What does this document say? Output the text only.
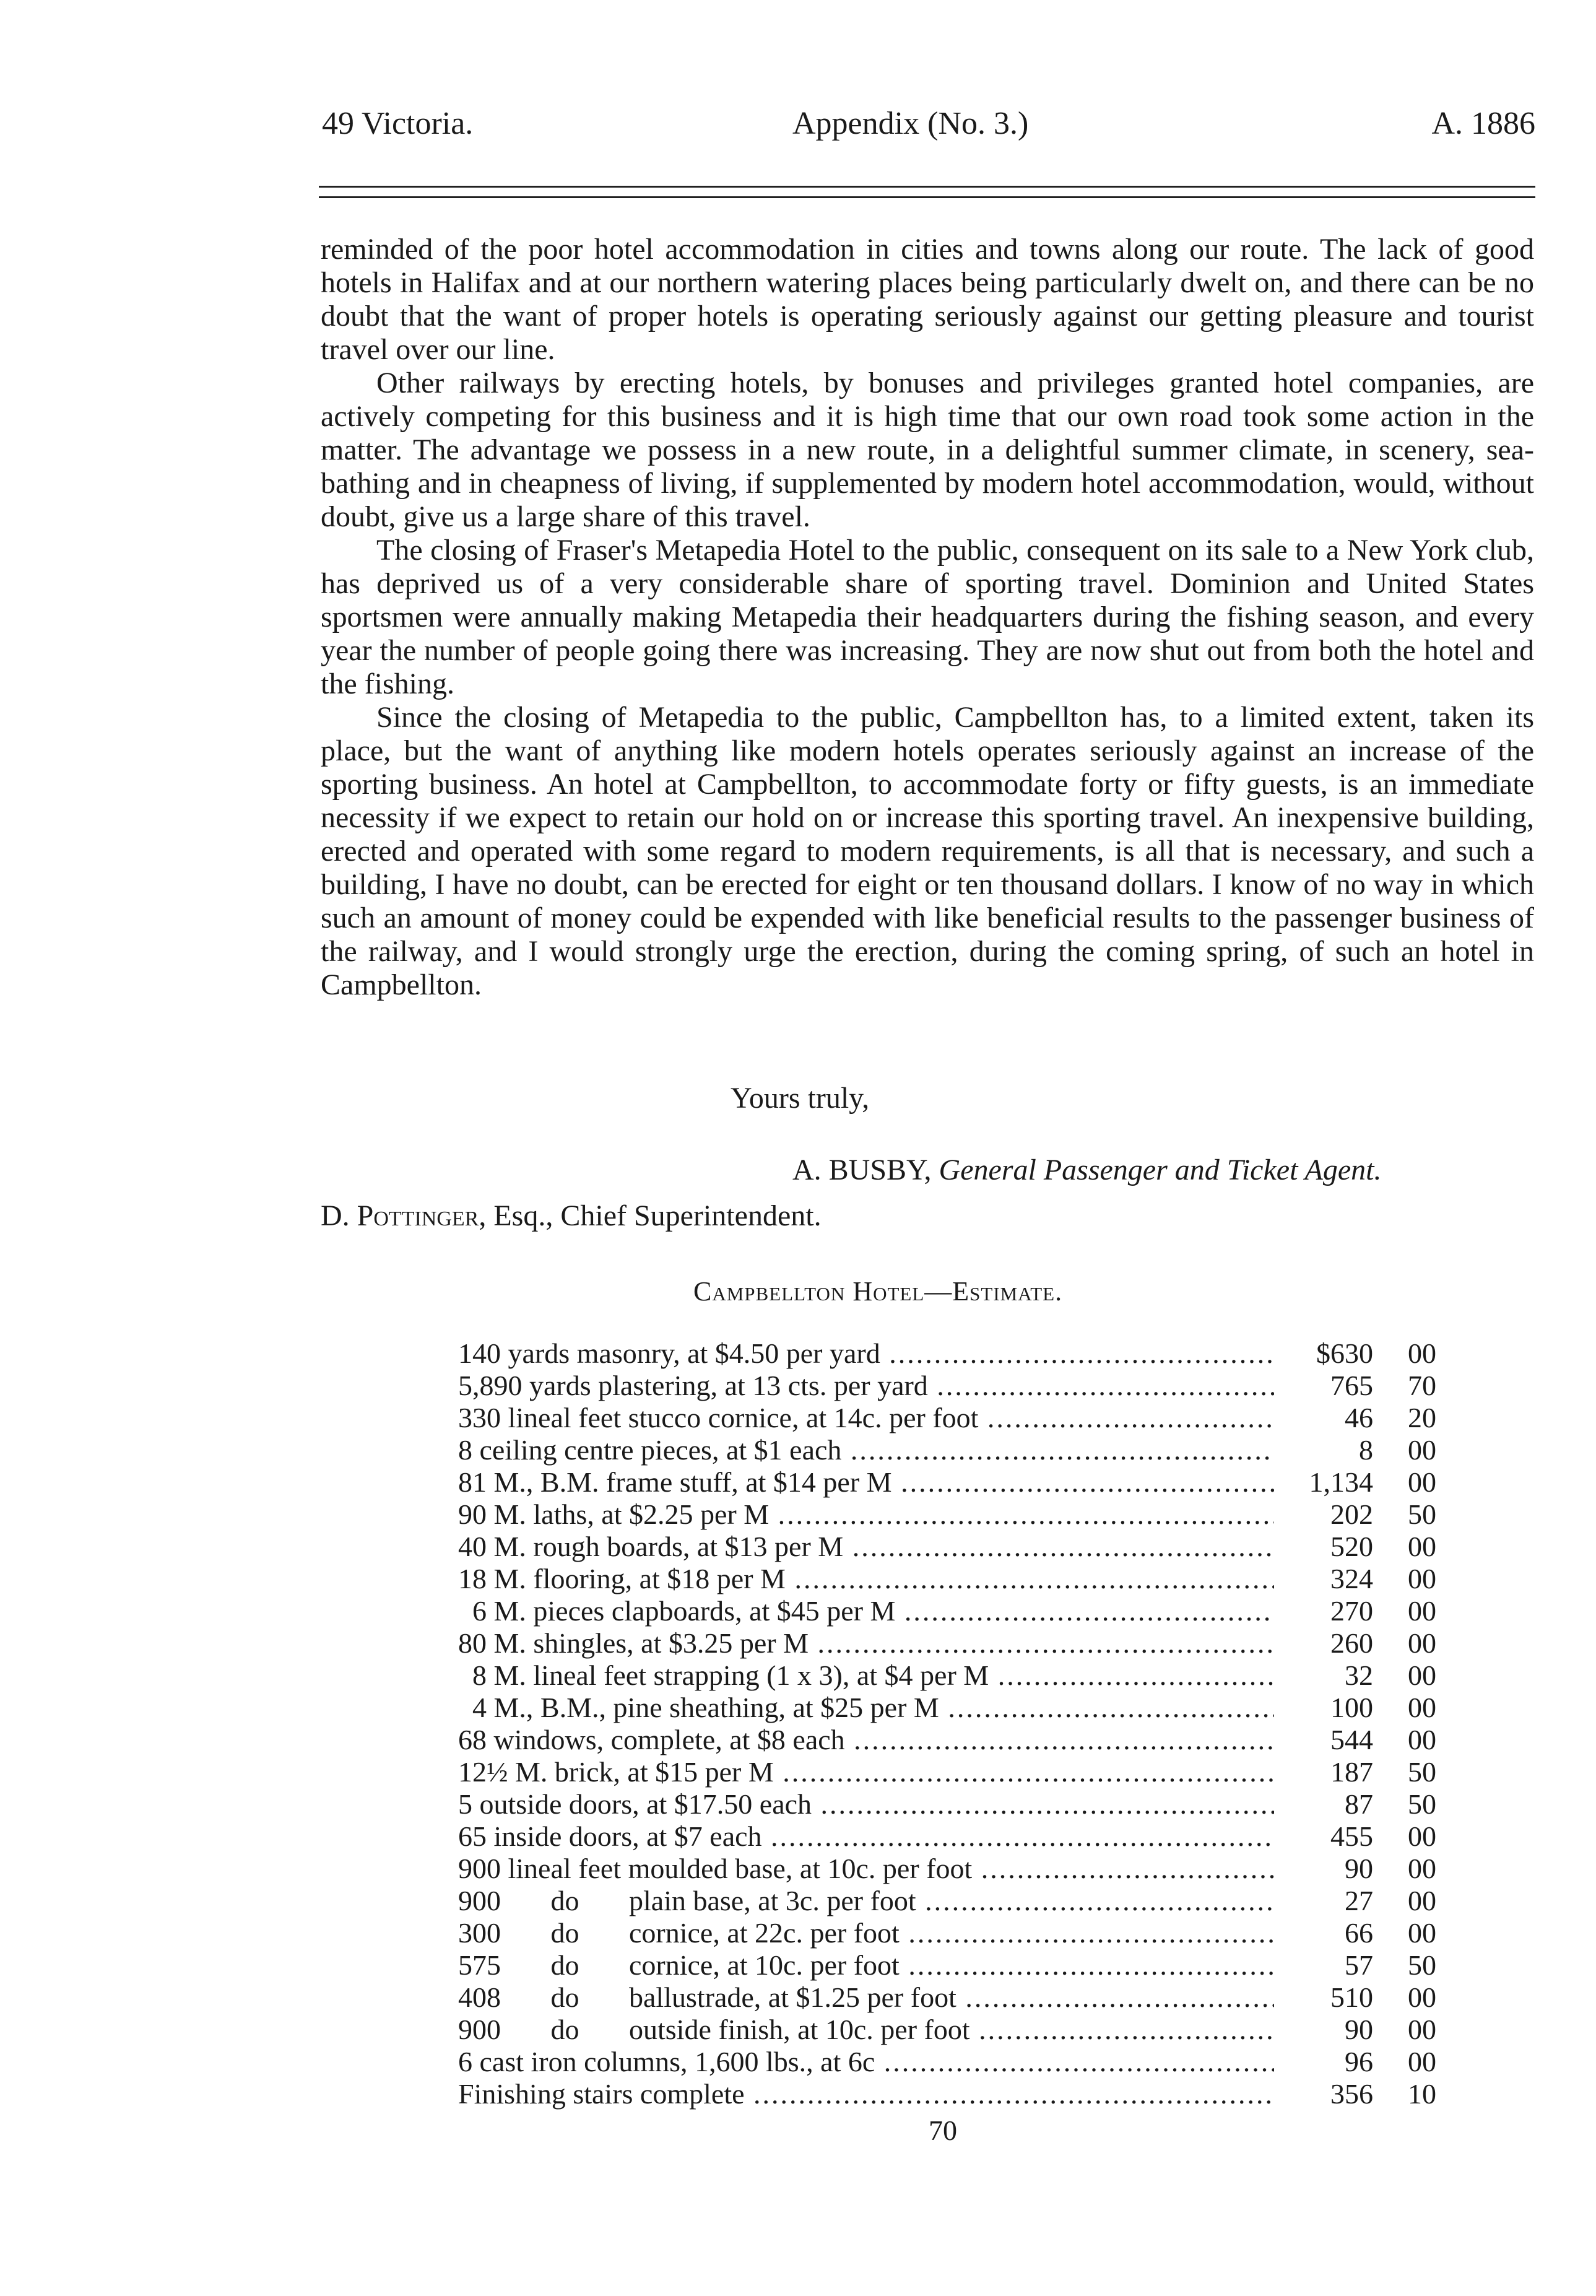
49 Victoria.	Appendix (No. 3.)	A. 1886

reminded of the poor hotel accommodation in cities and towns along our route. The lack of good hotels in Halifax and at our northern watering places being particularly dwelt on, and there can be no doubt that the want of proper hotels is operating seriously against our getting pleasure and tourist travel over our line.

Other railways by erecting hotels, by bonuses and privileges granted hotel companies, are actively competing for this business and it is high time that our own road took some action in the matter. The advantage we possess in a new route, in a delightful summer climate, in scenery, sea-bathing and in cheapness of living, if supplemented by modern hotel accommodation, would, without doubt, give us a large share of this travel.

The closing of Fraser's Metapedia Hotel to the public, consequent on its sale to a New York club, has deprived us of a very considerable share of sporting travel. Dominion and United States sportsmen were annually making Metapedia their headquarters during the fishing season, and every year the number of people going there was increasing. They are now shut out from both the hotel and the fishing.

Since the closing of Metapedia to the public, Campbellton has, to a limited extent, taken its place, but the want of anything like modern hotels operates seriously against an increase of the sporting business. An hotel at Campbellton, to accommodate forty or fifty guests, is an immediate necessity if we expect to retain our hold on or increase this sporting travel. An inexpensive building, erected and operated with some regard to modern requirements, is all that is necessary, and such a building, I have no doubt, can be erected for eight or ten thousand dollars. I know of no way in which such an amount of money could be expended with like beneficial results to the passenger business of the railway, and I would strongly urge the erection, during the coming spring, of such an hotel in Campbellton.

Yours truly,
A. BUSBY, General Passenger and Ticket Agent.
D. Pottinger, Esq., Chief Superintendent.
Campbellton Hotel—Estimate.
140 yards masonry, at $4.50 per yard .....	$630	00
5,890 yards plastering, at 13 cts. per yard .....	765	70
330 lineal feet stucco cornice, at 14c. per foot .....	46	20
8 ceiling centre pieces, at $1 each .....	8	00
81 M., B.M. frame stuff, at $14 per M .....	1,134	00
90 M. laths, at $2.25 per M .....	202	50
40 M. rough boards, at $13 per M .....	520	00
18 M. flooring, at $18 per M .....	324	00
6 M. pieces clapboards, at $45 per M .....	270	00
80 M. shingles, at $3.25 per M .....	260	00
8 M. lineal feet strapping (1 x 3), at $4 per M .....	32	00
4 M., B.M., pine sheathing, at $25 per M .....	100	00
68 windows, complete, at $8 each .....	544	00
12½ M. brick, at $15 per M .....	187	50
5 outside doors, at $17.50 each .....	87	50
65 inside doors, at $7 each .....	455	00
900 lineal feet moulded base, at 10c. per foot .....	90	00
900       do       plain base, at 3c. per foot .....	27	00
300       do       cornice, at 22c. per foot .....	66	00
575       do       cornice, at 10c. per foot .....	57	50
408       do       ballustrade, at $1.25 per foot .....	510	00
900       do       outside finish, at 10c. per foot .....	90	00
6 cast iron columns, 1,600 lbs., at 6c .....	96	00
Finishing stairs complete .....	356	10
70
